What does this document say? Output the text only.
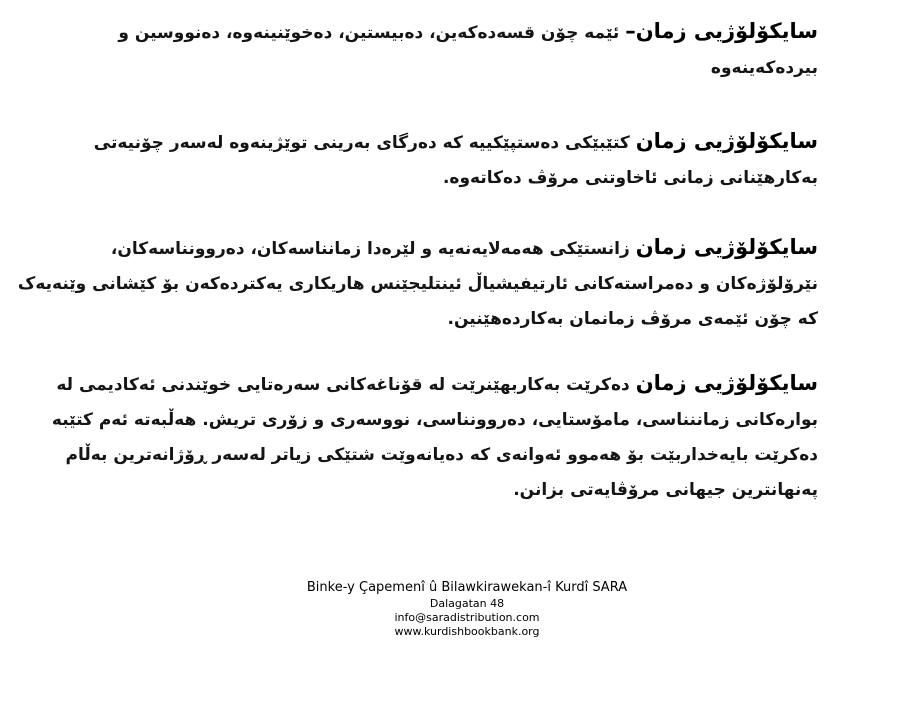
سایکۆلۆژیی زمان– ئێمە چۆن قسەدەکەین، دەبیستین، دەخوێنینەوە، دەنووسین و بیردەکەینەوە
سایکۆلۆژیی زمان کتێبێکی دەستپێکییە کە دەرگای بەرینی توێژینەوە لەسەر چۆنیەتی بەکارهێنانی زمانی ئاخاوتنی مرۆڤ دەکاتەوە.
سایکۆلۆژیی زمان زانستێکی هەمەلایەنەیە و لێرەدا زمانناسەکان، دەروونناسەکان، نێرۆلۆژەکان و دەمراستەکانی ئارتیفیشیاڵ ئینتلیجێنس هاریکاری یەکتردەکەن بۆ کێشانی وێنەیەک کە چۆن ئێمەی مرۆڤ زمانمان بەکاردەهێنین.
سایکۆلۆژیی زمان دەکرێت بەکاربهێنرێت لە قۆناغەکانی سەرەتایی خوێندنی ئەکادیمی لە بوارەکانی زماننناسی، مامۆستایی، دەروونناسی، نووسەری و زۆری تریش. هەڵبەتە ئەم کتێبە دەکرێت بایەخداربێت بۆ هەموو ئەوانەی کە دەیانەوێت شتێکی زیاتر لەسەر ڕۆژانەترین بەڵام پەنهانترین جیهانی مرۆڤایەتی بزانن.
Binke-y Çapemenî û Bilawkirawekan-î Kurdî SARA
Dalagatan 48
info@saradistribution.com
www.kurdishbookbank.org
